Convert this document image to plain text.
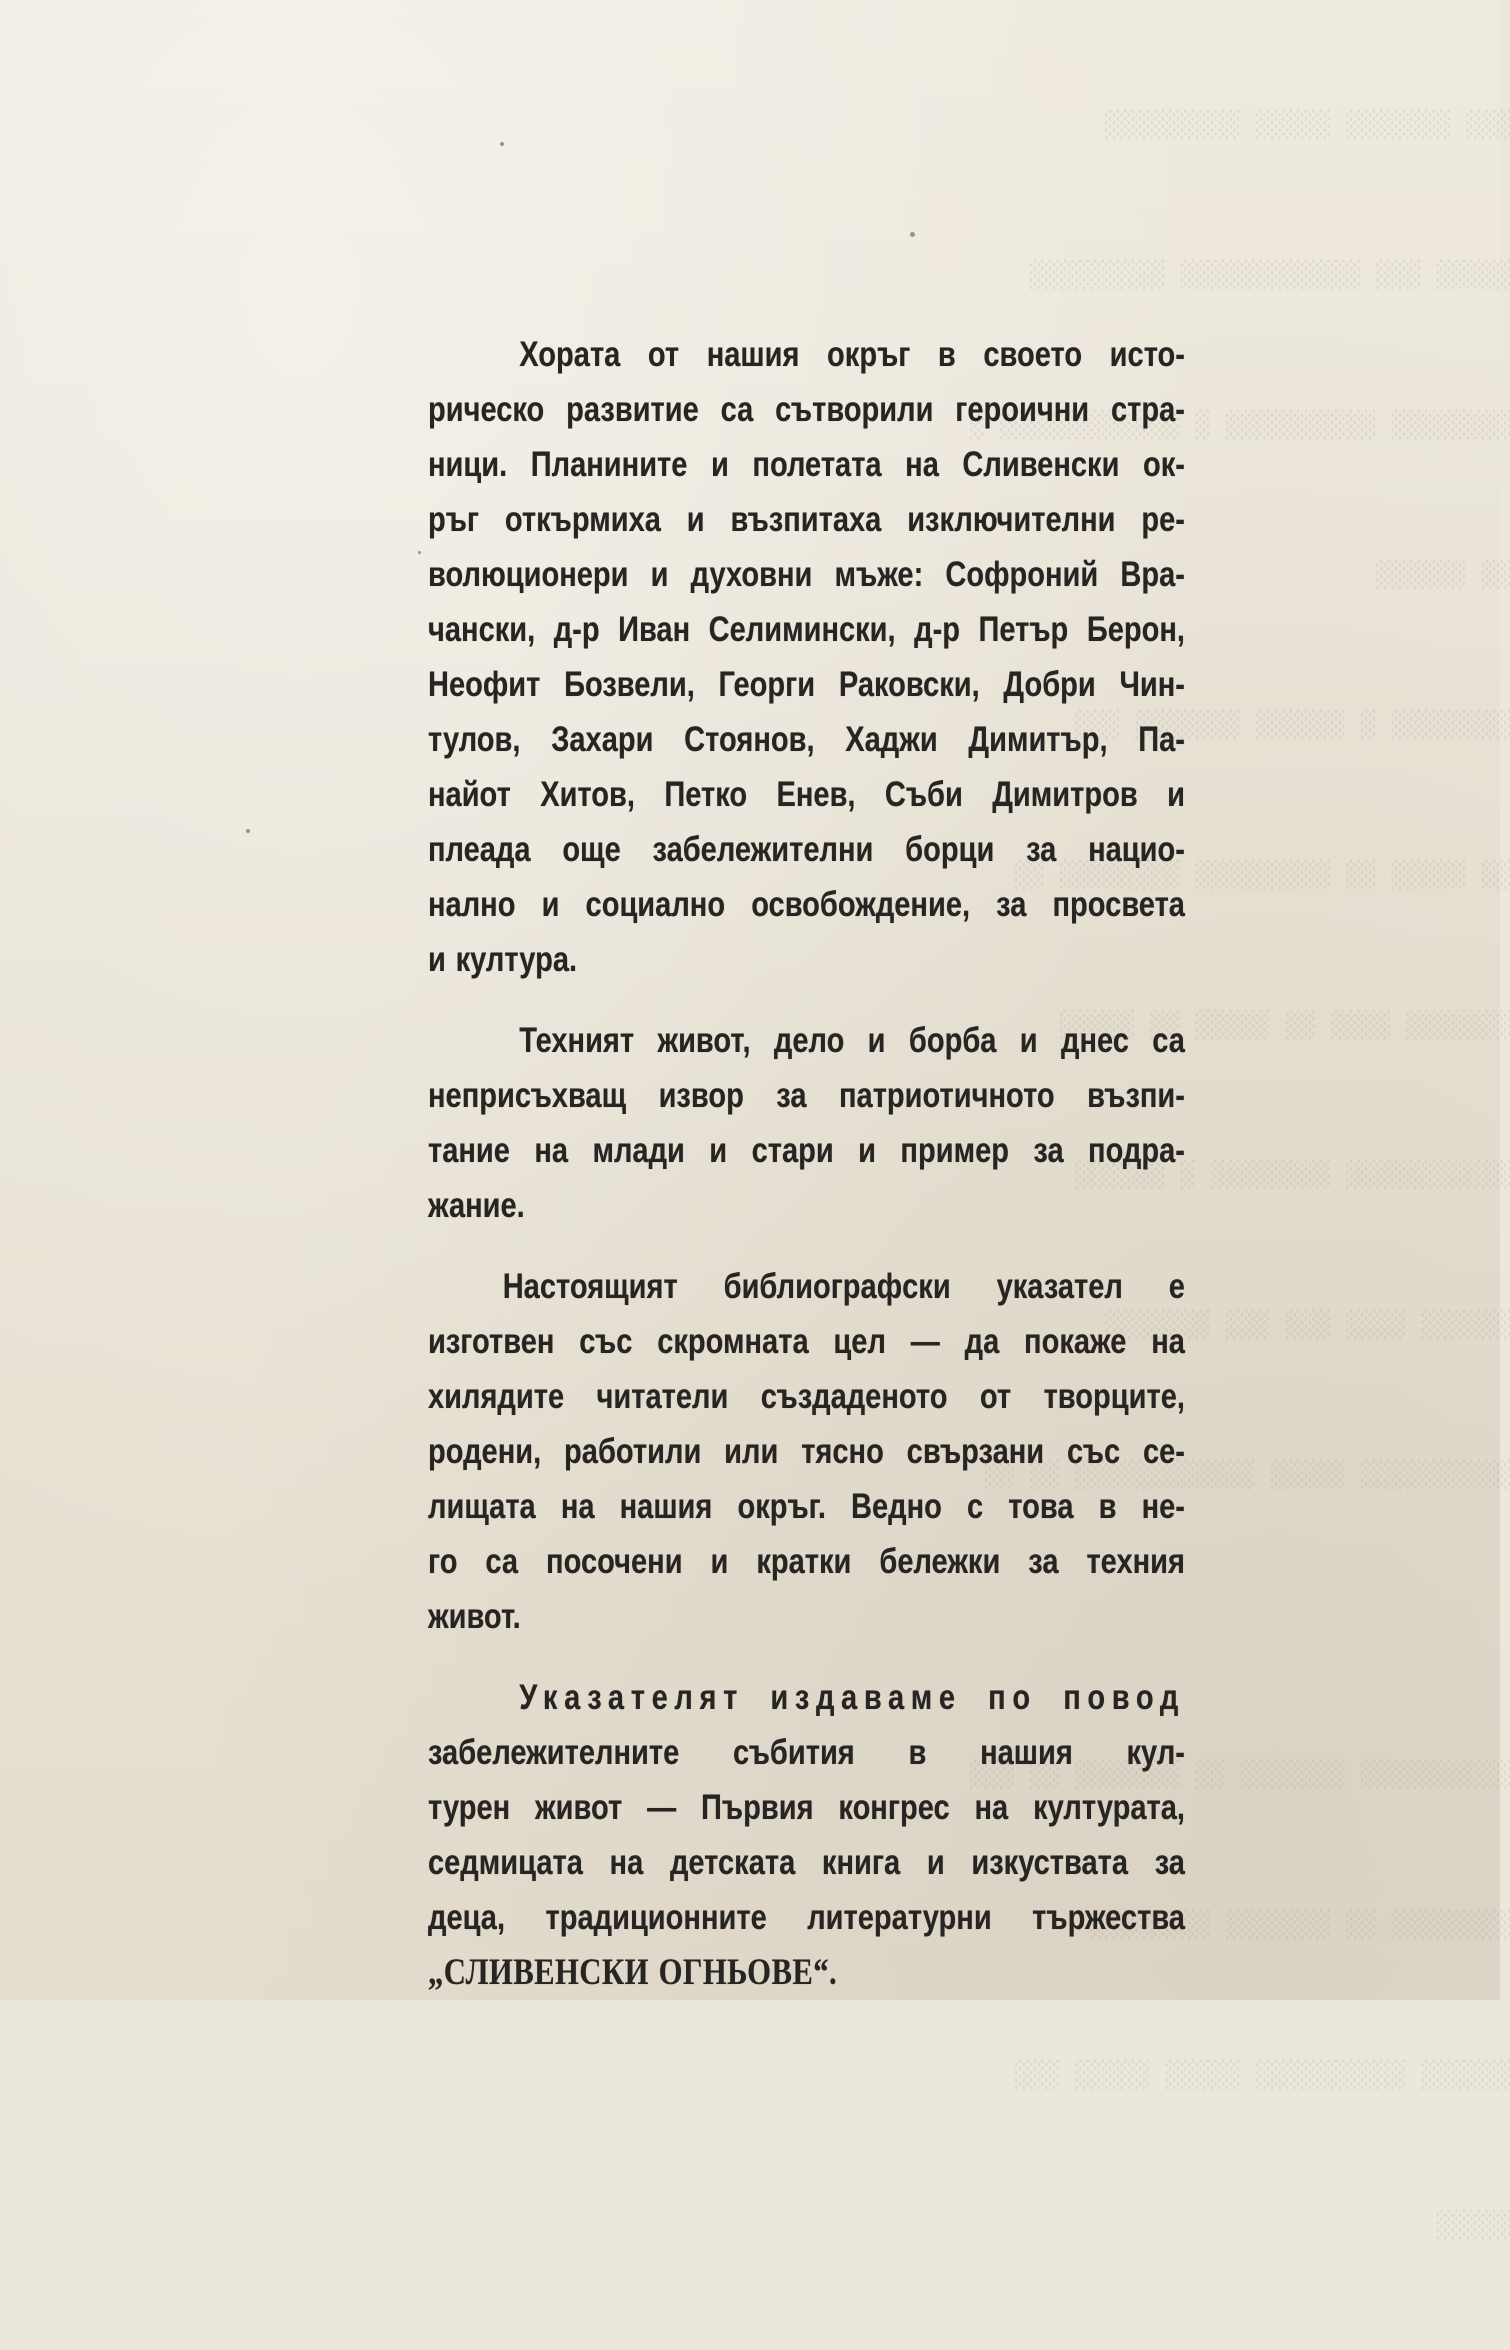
░░░ ░░░░░░░ ░░░░░ ░░░░░░░░░

░░░░░ ░░░ ░░░░░░░░░░░░ ░░░░░░░░░

░░░░░░░░ ░░░░░░░░░░ ░ ░░░░░░░░░░░░ ░

░░ ░░░░░░

░░░░░░░░ ░ ░░░░░░ ░░░░░░░ ░░░

░░ ░░░░░ ░░ ░░░░░░░░░ ░░░░░░░░ ░░

░░░░░░░ ░░░░ ░░ ░░░░░ ░░ ░░░░░

░░░░░░░░░░░ ░░░░░░░░ ░ ░░░░░░

░░░░░░ ░░░░ ░░░ ░░░ ░░░░░░░

░░░░░░░░░░ ░░░░░ ░░░░░░░░░░░░ ░░ ░░

░░░░░░░░░░ ░░░░░░░ ░░ ░░░░░░░ ░░ ░░░

░░░░░░░░ ░░ ░░░░░░░ ░░░░░░░░

░░░░░░ ░░░░░░░░░░ ░░░░░ ░░░░░ ░░░

░░░░░

Хората от нашия окръг в своето исто-
рическо развитие са сътворили героични стра-
ници. Планините и полетата на Сливенски ок-
ръг откърмиха и възпитаха изключителни ре-
волюционери и духовни мъже: Софроний Вра-
чански, д-р Иван Селимински, д-р Петър Берон,
Неофит Бозвели, Георги Раковски, Добри Чин-
тулов, Захари Стоянов, Хаджи Димитър, Па-
найот Хитов, Петко Енев, Съби Димитров и
плеада още забележителни борци за нацио-
нално и социално освобождение, за просвета
и култура.
Техният живот, дело и борба и днес са
неприсъхващ извор за патриотичното възпи-
тание на млади и стари и пример за подра-
жание.
Настоящият библиографски указател е
изготвен със скромната цел — да покаже на
хилядите читатели създаденото от творците,
родени, работили или тясно свързани със се-
лищата на нашия окръг. Ведно с това в не-
го са посочени и кратки бележки за техния
живот.
Указателят издаваме по повод
забележителните събития в нашия кул-
турен живот — Първия конгрес на културата,
седмицата на детската книга и изкуствата за
деца, традиционните литературни тържества
„СЛИВЕНСКИ ОГНЬОВЕ“.
